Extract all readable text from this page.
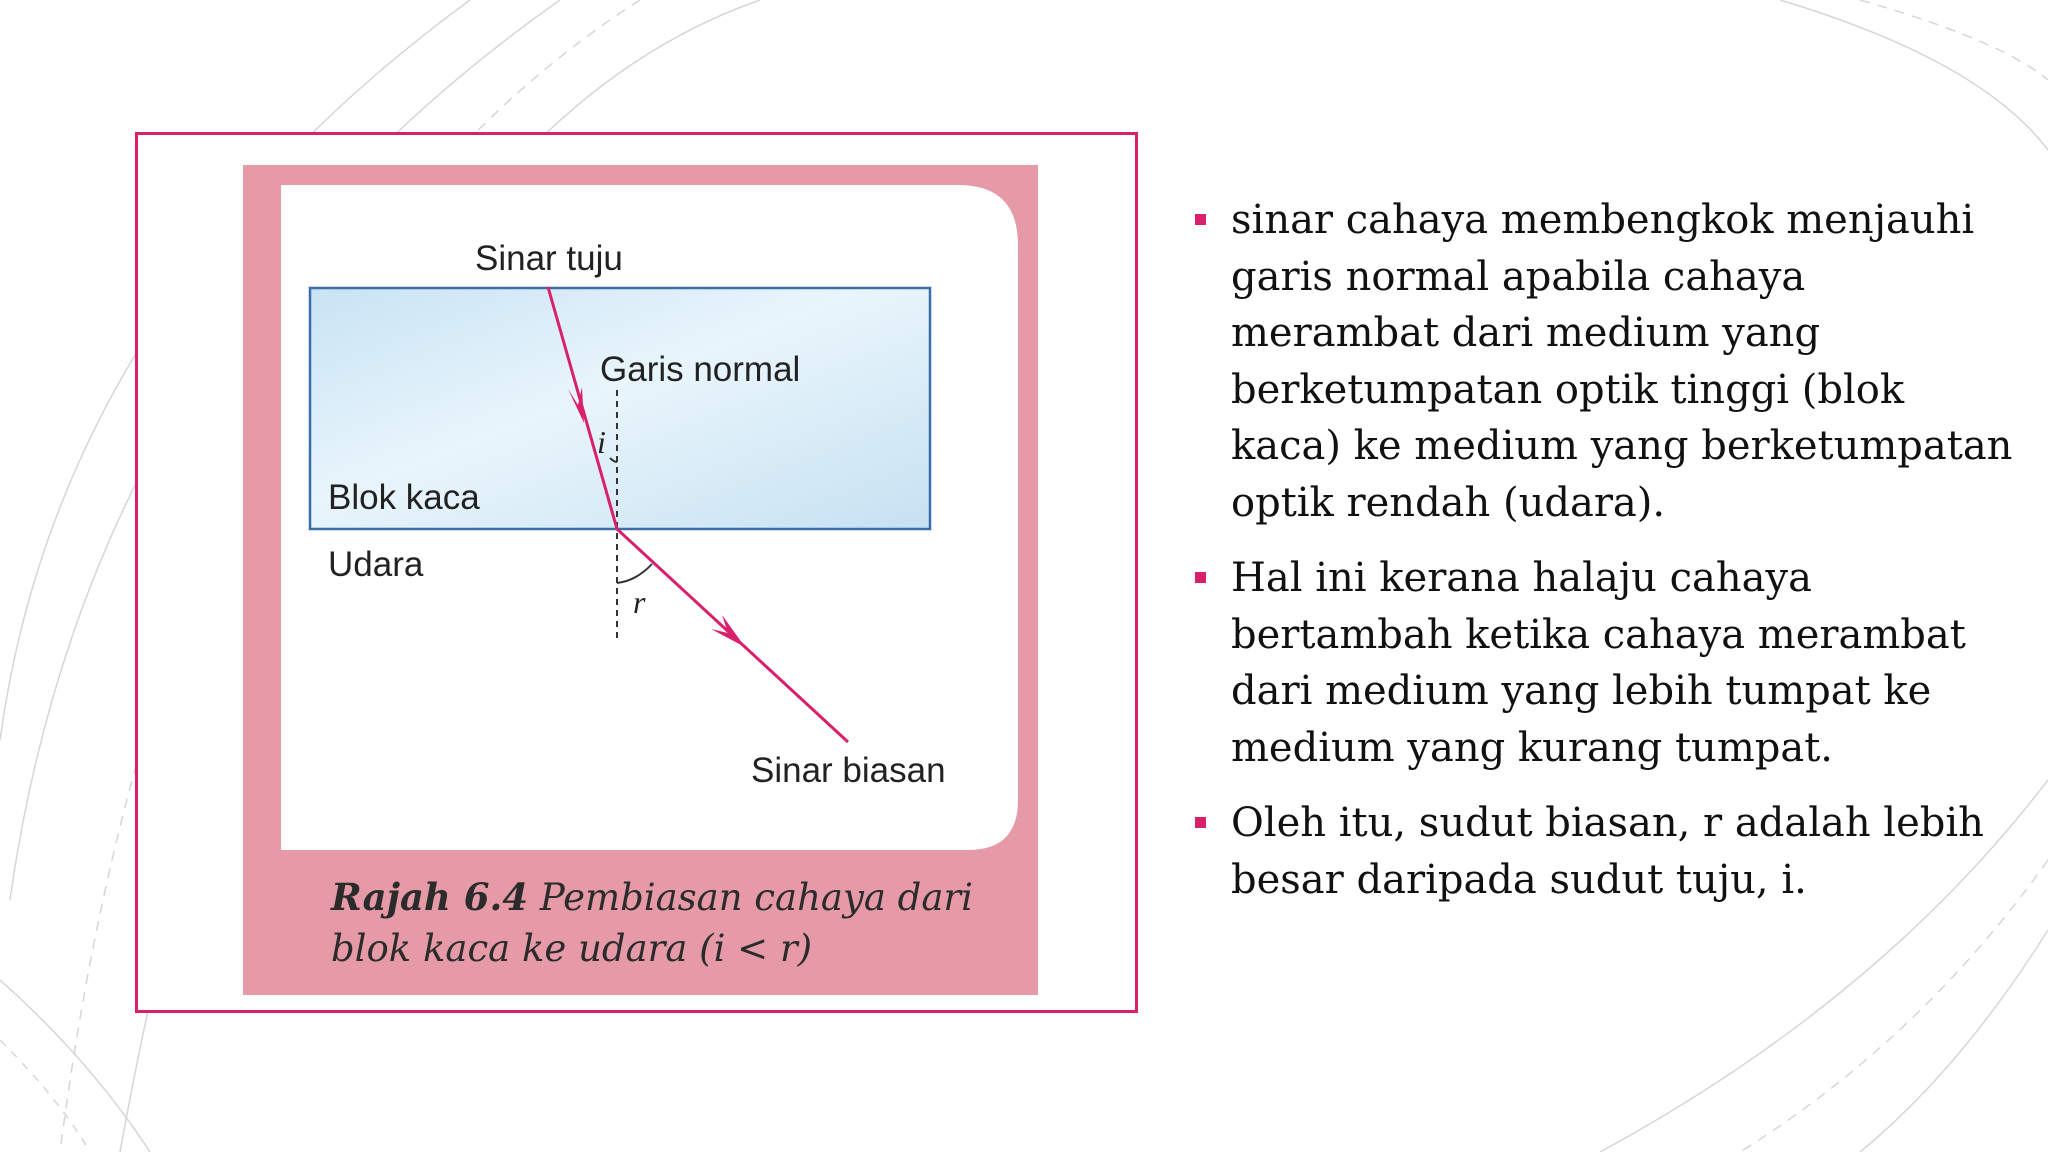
Sinar tuju
Garis normal
Blok kaca
Udara
i
r
Sinar biasan
Rajah 6.4 Pembiasan cahaya dari
blok kaca ke udara (i < r)
sinar cahaya membengkok menjauhi garis normal apabila cahaya merambat dari medium yang berketumpatan optik tinggi (blok kaca) ke medium yang berketumpatan optik rendah (udara).
Hal ini kerana halaju cahaya bertambah ketika cahaya merambat dari medium yang lebih tumpat ke medium yang kurang tumpat.
Oleh itu, sudut biasan, r adalah lebih besar daripada sudut tuju, i.
